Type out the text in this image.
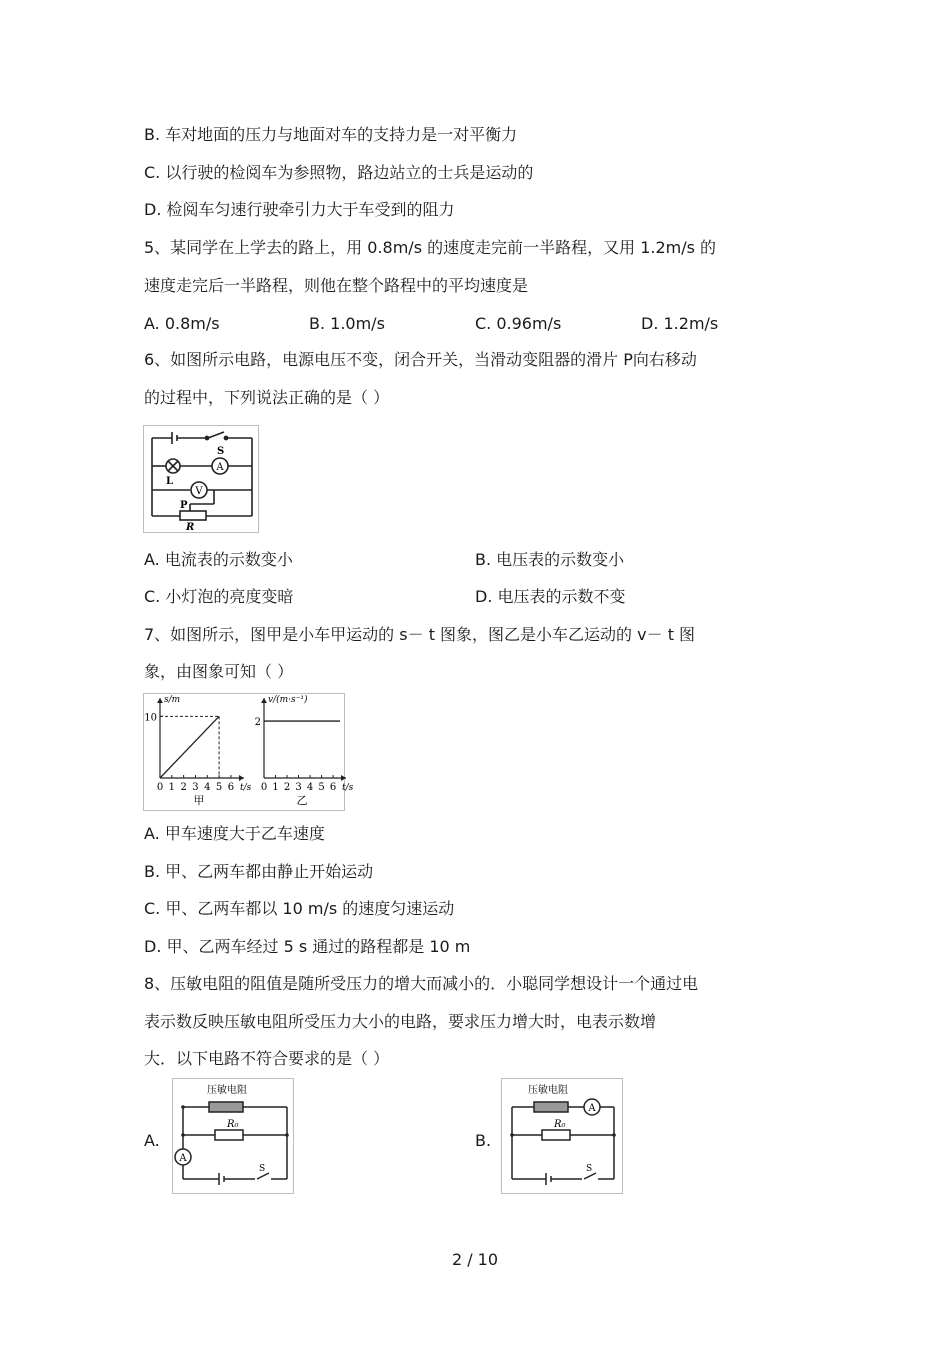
B. 车对地面的压力与地面对车的支持力是一对平衡力
C. 以行驶的检阅车为参照物，路边站立的士兵是运动的
D. 检阅车匀速行驶牵引力大于车受到的阻力
5、某同学在上学去的路上，用 0.8m/s 的速度走完前一半路程，又用 1.2m/s 的
速度走完后一半路程，则他在整个路程中的平均速度是
A. 0.8m/s	B. 1.0m/s	C. 0.96m/s	D. 1.2m/s
6、如图所示电路，电源电压不变，闭合开关，当滑动变阻器的滑片 P向右移动
的过程中，下列说法正确的是（ ）
A
V
S
L
P
R
A. 电流表的示数变小	B. 电压表的示数变小
C. 小灯泡的亮度变暗	D. 电压表的示数不变
7、如图所示，图甲是小车甲运动的 s－ t 图象，图乙是小车乙运动的 v－ t 图
象，由图象可知（ ）
0 1 2 3 4 5 6
10
s/m
t/s
甲
0 1 2 3 4 5 6
2
v/(m·s⁻¹)
t/s
乙
A. 甲车速度大于乙车速度
B. 甲、乙两车都由静止开始运动
C. 甲、乙两车都以 10 m/s 的速度匀速运动
D. 甲、乙两车经过 5 s 通过的路程都是 10 m
8、压敏电阻的阻值是随所受压力的增大而减小的．小聪同学想设计一个通过电
表示数反映压敏电阻所受压力大小的电路，要求压力增大时，电表示数增
大．以下电路不符合要求的是（ ）
A.
压敏电阻
A
R₀
S
B.
压敏电阻
A
R₀
S
2 / 10
